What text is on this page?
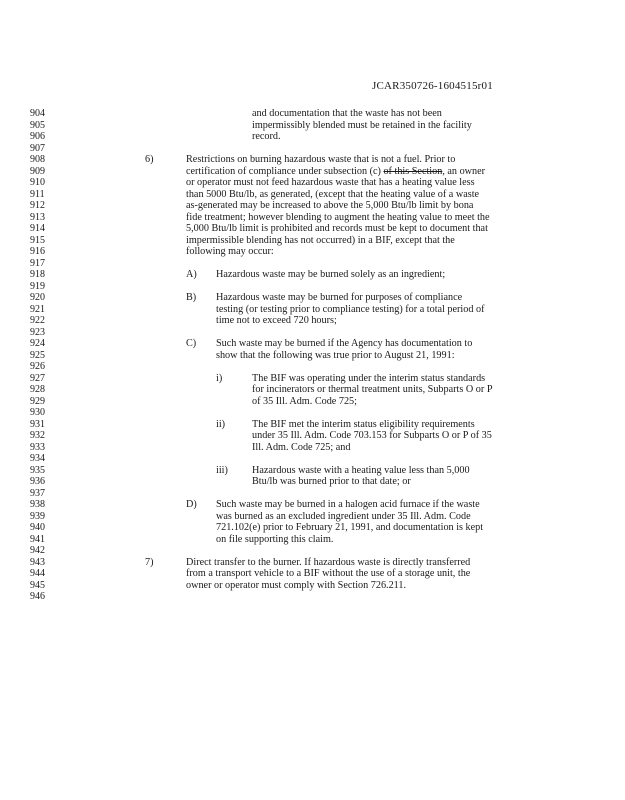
JCAR350726-1604515r01
904	and documentation that the waste has not been
905	impermissibly blended must be retained in the facility
906	record.
907
908	6)	Restrictions on burning hazardous waste that is not a fuel. Prior to
909	certification of compliance under subsection (c) of this Section, an owner
910	or operator must not feed hazardous waste that has a heating value less
911	than 5000 Btu/lb, as generated, (except that the heating value of a waste
912	as-generated may be increased to above the 5,000 Btu/lb limit by bona
913	fide treatment; however blending to augment the heating value to meet the
914	5,000 Btu/lb limit is prohibited and records must be kept to document that
915	impermissible blending has not occurred) in a BIF, except that the
916	following may occur:
917
918	A) Hazardous waste may be burned solely as an ingredient;
919
920	B) Hazardous waste may be burned for purposes of compliance
921	testing (or testing prior to compliance testing) for a total period of
922	time not to exceed 720 hours;
923
924	C) Such waste may be burned if the Agency has documentation to
925	show that the following was true prior to August 21, 1991:
926
927	i)	The BIF was operating under the interim status standards
928	for incinerators or thermal treatment units, Subparts O or P
929	of 35 Ill. Adm. Code 725;
930
931	ii)	The BIF met the interim status eligibility requirements
932	under 35 Ill. Adm. Code 703.153 for Subparts O or P of 35
933	Ill. Adm. Code 725; and
934
935	iii) Hazardous waste with a heating value less than 5,000
936	Btu/lb was burned prior to that date; or
937
938	D) Such waste may be burned in a halogen acid furnace if the waste
939	was burned as an excluded ingredient under 35 Ill. Adm. Code
940	721.102(e) prior to February 21, 1991, and documentation is kept
941	on file supporting this claim.
942
943	7)	Direct transfer to the burner. If hazardous waste is directly transferred
944	from a transport vehicle to a BIF without the use of a storage unit, the
945	owner or operator must comply with Section 726.211.
946
